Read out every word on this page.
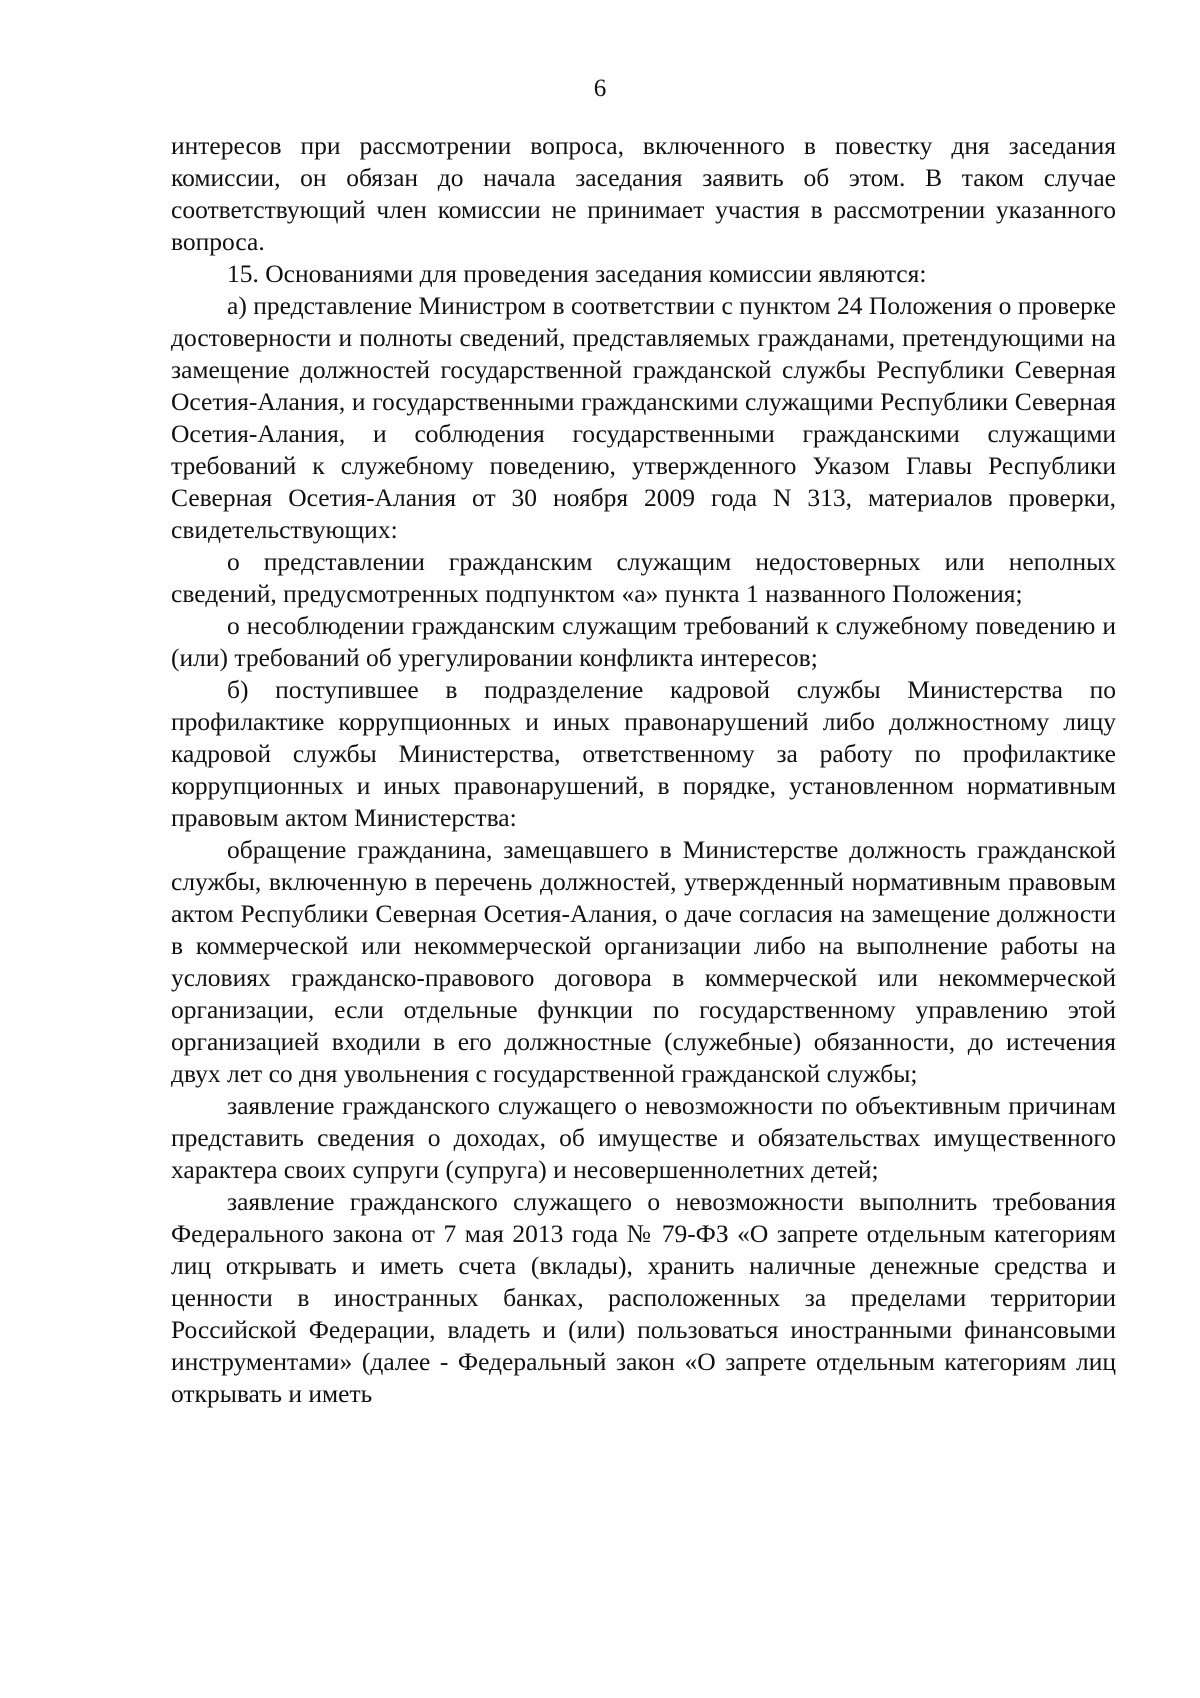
6

интересов при рассмотрении вопроса, включенного в повестку дня заседания комиссии, он обязан до начала заседания заявить об этом. В таком случае соответствующий член комиссии не принимает участия в рассмотрении указанного вопроса.

15. Основаниями для проведения заседания комиссии являются:

а) представление Министром в соответствии с пунктом 24 Положения о проверке достоверности и полноты сведений, представляемых гражданами, претендующими на замещение должностей государственной гражданской службы Республики Северная Осетия-Алания, и государственными гражданскими служащими Республики Северная Осетия-Алания, и соблюдения государственными гражданскими служащими требований к служебному поведению, утвержденного Указом Главы Республики Северная Осетия-Алания от 30 ноября 2009 года N 313, материалов проверки, свидетельствующих:

о представлении гражданским служащим недостоверных или неполных сведений, предусмотренных подпунктом «а» пункта 1 названного Положения;

о несоблюдении гражданским служащим требований к служебному поведению и (или) требований об урегулировании конфликта интересов;

б) поступившее в подразделение кадровой службы Министерства по профилактике коррупционных и иных правонарушений либо должностному лицу кадровой службы Министерства, ответственному за работу по профилактике коррупционных и иных правонарушений, в порядке, установленном нормативным правовым актом Министерства:

обращение гражданина, замещавшего в Министерстве должность гражданской службы, включенную в перечень должностей, утвержденный нормативным правовым актом Республики Северная Осетия-Алания, о даче согласия на замещение должности в коммерческой или некоммерческой организации либо на выполнение работы на условиях гражданско-правового договора в коммерческой или некоммерческой организации, если отдельные функции по государственному управлению этой организацией входили в его должностные (служебные) обязанности, до истечения двух лет со дня увольнения с государственной гражданской службы;

заявление гражданского служащего о невозможности по объективным причинам представить сведения о доходах, об имуществе и обязательствах имущественного характера своих супруги (супруга) и несовершеннолетних детей;

заявление гражданского служащего о невозможности выполнить требования Федерального закона от 7 мая 2013 года № 79-ФЗ «О запрете отдельным категориям лиц открывать и иметь счета (вклады), хранить наличные денежные средства и ценности в иностранных банках, расположенных за пределами территории Российской Федерации, владеть и (или) пользоваться иностранными финансовыми инструментами» (далее - Федеральный закон «О запрете отдельным категориям лиц открывать и иметь
